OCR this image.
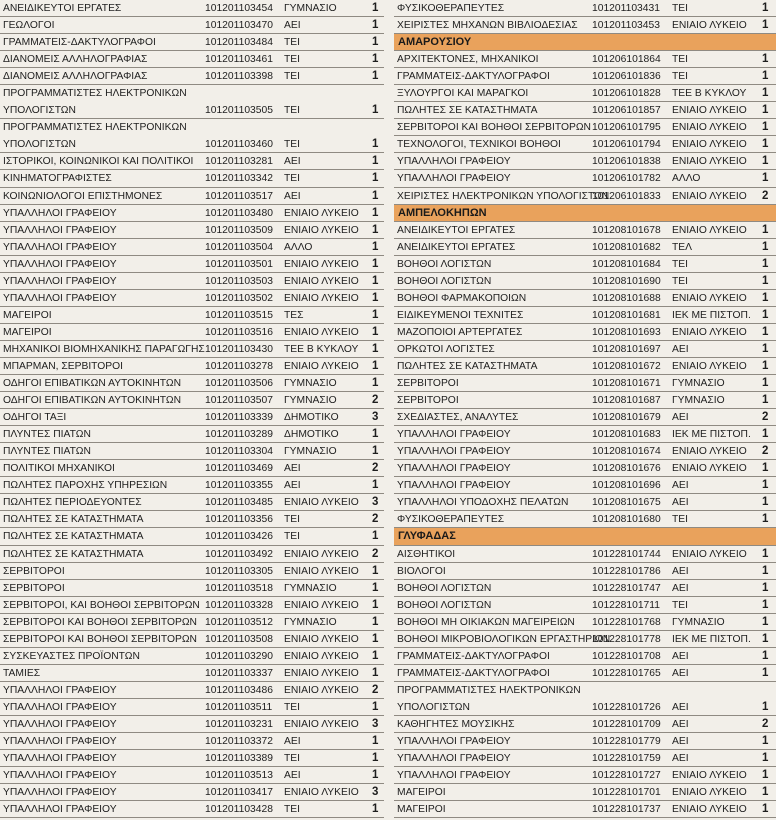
ΑΝΕΙΔΙΚΕΥΤΟΙ ΕΡΓΑΤΕΣ	101201103454 ΓΥΜΝΑΣΙΟ	1
ΓΕΩΛΟΓΟΙ	101201103470 ΑΕΙ	1
ΓΡΑΜΜΑΤΕΙΣ-ΔΑΚΤΥΛΟΓΡΑΦΟΙ	101201103484 ΤΕΙ	1
ΔΙΑΝΟΜΕΙΣ ΑΛΛΗΛΟΓΡΑΦΙΑΣ	101201103461 ΤΕΙ	1
ΔΙΑΝΟΜΕΙΣ ΑΛΛΗΛΟΓΡΑΦΙΑΣ	101201103398 ΤΕΙ	1
ΠΡΟΓΡΑΜΜΑΤΙΣΤΕΣ ΗΛΕΚΤΡΟΝΙΚΩΝ
ΥΠΟΛΟΓΙΣΤΩΝ	101201103505 ΤΕΙ	1
ΠΡΟΓΡΑΜΜΑΤΙΣΤΕΣ ΗΛΕΚΤΡΟΝΙΚΩΝ
ΥΠΟΛΟΓΙΣΤΩΝ	101201103460 ΤΕΙ	1
ΙΣΤΟΡΙΚΟΙ, ΚΟΙΝΩΝΙΚΟΙ ΚΑΙ ΠΟΛΙΤΙΚΟΙ 101201103281 ΑΕΙ	1
ΚΙΝΗΜΑΤΟΓΡΑΦΙΣΤΕΣ	101201103342 ΤΕΙ	1
ΚΟΙΝΩΝΙΟΛΟΓΟΙ ΕΠΙΣΤΗΜΟΝΕΣ	101201103517 ΑΕΙ	1
ΥΠΑΛΛΗΛΟΙ ΓΡΑΦΕΙΟΥ	101201103480 ΕΝΙΑΙΟ ΛΥΚΕΙΟ 1
ΥΠΑΛΛΗΛΟΙ ΓΡΑΦΕΙΟΥ	101201103509 ΕΝΙΑΙΟ ΛΥΚΕΙΟ 1
ΥΠΑΛΛΗΛΟΙ ΓΡΑΦΕΙΟΥ	101201103504 ΑΛΛΟ	1
ΥΠΑΛΛΗΛΟΙ ΓΡΑΦΕΙΟΥ	101201103501 ΕΝΙΑΙΟ ΛΥΚΕΙΟ 1
ΥΠΑΛΛΗΛΟΙ ΓΡΑΦΕΙΟΥ	101201103503 ΕΝΙΑΙΟ ΛΥΚΕΙΟ 1
ΥΠΑΛΛΗΛΟΙ ΓΡΑΦΕΙΟΥ	101201103502 ΕΝΙΑΙΟ ΛΥΚΕΙΟ 1
ΜΑΓΕΙΡΟΙ	101201103515 ΤΕΣ	1
ΜΑΓΕΙΡΟΙ	101201103516 ΕΝΙΑΙΟ ΛΥΚΕΙΟ 1
ΜΗΧΑΝΙΚΟΙ ΒΙΟΜΗΧΑΝΙΚΗΣ ΠΑΡΑΓΩΓΗΣ 101201103430 ΤΕΕ Β ΚΥΚΛΟΥ 1
ΜΠΑΡΜΑΝ, ΣΕΡΒΙΤΟΡΟΙ	101201103278 ΕΝΙΑΙΟ ΛΥΚΕΙΟ 1
ΟΔΗΓΟΙ ΕΠΙΒΑΤΙΚΩΝ ΑΥΤΟΚΙΝΗΤΩΝ 101201103506 ΓΥΜΝΑΣΙΟ	1
ΟΔΗΓΟΙ ΕΠΙΒΑΤΙΚΩΝ ΑΥΤΟΚΙΝΗΤΩΝ 101201103507 ΓΥΜΝΑΣΙΟ	2
ΟΔΗΓΟΙ ΤΑΞΙ	101201103339 ΔΗΜΟΤΙΚΟ	3
ΠΛΥΝΤΕΣ ΠΙΑΤΩΝ	101201103289 ΔΗΜΟΤΙΚΟ	1
ΠΛΥΝΤΕΣ ΠΙΑΤΩΝ	101201103304 ΓΥΜΝΑΣΙΟ	1
ΠΟΛΙΤΙΚΟΙ ΜΗΧΑΝΙΚΟΙ	101201103469 ΑΕΙ	2
ΠΩΛΗΤΕΣ ΠΑΡΟΧΗΣ ΥΠΗΡΕΣΙΩΝ	101201103355 ΑΕΙ	1
ΠΩΛΗΤΕΣ ΠΕΡΙΟΔΕΥΟΝΤΕΣ	101201103485 ΕΝΙΑΙΟ ΛΥΚΕΙΟ 3
ΠΩΛΗΤΕΣ ΣΕ ΚΑΤΑΣΤΗΜΑΤΑ	101201103356 ΤΕΙ	2
ΠΩΛΗΤΕΣ ΣΕ ΚΑΤΑΣΤΗΜΑΤΑ	101201103426 ΤΕΙ	1
ΠΩΛΗΤΕΣ ΣΕ ΚΑΤΑΣΤΗΜΑΤΑ	101201103492 ΕΝΙΑΙΟ ΛΥΚΕΙΟ 2
ΣΕΡΒΙΤΟΡΟΙ	101201103305 ΕΝΙΑΙΟ ΛΥΚΕΙΟ 1
ΣΕΡΒΙΤΟΡΟΙ	101201103518 ΓΥΜΝΑΣΙΟ	1
ΣΕΡΒΙΤΟΡΟΙ, ΚΑΙ ΒΟΗΘΟΙ ΣΕΡΒΙΤΟΡΩΝ 101201103328 ΕΝΙΑΙΟ ΛΥΚΕΙΟ 1
ΣΕΡΒΙΤΟΡΟΙ ΚΑΙ ΒΟΗΘΟΙ ΣΕΡΒΙΤΟΡΩΝ 101201103512 ΓΥΜΝΑΣΙΟ	1
ΣΕΡΒΙΤΟΡΟΙ ΚΑΙ ΒΟΗΘΟΙ ΣΕΡΒΙΤΟΡΩΝ 101201103508 ΕΝΙΑΙΟ ΛΥΚΕΙΟ 1
ΣΥΣΚΕΥΑΣΤΕΣ ΠΡΟΪΟΝΤΩΝ	101201103290 ΕΝΙΑΙΟ ΛΥΚΕΙΟ 1
ΤΑΜΙΕΣ	101201103337 ΕΝΙΑΙΟ ΛΥΚΕΙΟ 1
ΥΠΑΛΛΗΛΟΙ ΓΡΑΦΕΙΟΥ	101201103486 ΕΝΙΑΙΟ ΛΥΚΕΙΟ 2
ΥΠΑΛΛΗΛΟΙ ΓΡΑΦΕΙΟΥ	101201103511 ΤΕΙ	1
ΥΠΑΛΛΗΛΟΙ ΓΡΑΦΕΙΟΥ	101201103231 ΕΝΙΑΙΟ ΛΥΚΕΙΟ 3
ΥΠΑΛΛΗΛΟΙ ΓΡΑΦΕΙΟΥ	101201103372 ΑΕΙ	1
ΥΠΑΛΛΗΛΟΙ ΓΡΑΦΕΙΟΥ	101201103389 ΤΕΙ	1
ΥΠΑΛΛΗΛΟΙ ΓΡΑΦΕΙΟΥ	101201103513 ΑΕΙ	1
ΥΠΑΛΛΗΛΟΙ ΓΡΑΦΕΙΟΥ	101201103417 ΕΝΙΑΙΟ ΛΥΚΕΙΟ 3
ΥΠΑΛΛΗΛΟΙ ΓΡΑΦΕΙΟΥ	101201103428 ΤΕΙ	1
ΦΥΣΙΚΟΘΕΡΑΠΕΥΤΕΣ	101201103431 ΤΕΙ	1
ΧΕΙΡΙΣΤΕΣ ΜΗΧΑΝΩΝ ΒΙΒΛΙΟΔΕΣΙΑΣ 101201103453 ΕΝΙΑΙΟ ΛΥΚΕΙΟ 1
ΑΜΑΡΟΥΣΙΟΥ
ΑΡΧΙΤΕΚΤΟΝΕΣ, ΜΗΧΑΝΙΚΟΙ	101206101864 ΤΕΙ	1
ΓΡΑΜΜΑΤΕΙΣ-ΔΑΚΤΥΛΟΓΡΑΦΟΙ	101206101836 ΤΕΙ	1
ΞΥΛΟΥΡΓΟΙ ΚΑΙ ΜΑΡΑΓΚΟΙ	101206101828 ΤΕΕ Β ΚΥΚΛΟΥ 1
ΠΩΛΗΤΕΣ ΣΕ ΚΑΤΑΣΤΗΜΑΤΑ	101206101857 ΕΝΙΑΙΟ ΛΥΚΕΙΟ 1
ΣΕΡΒΙΤΟΡΟΙ ΚΑΙ ΒΟΗΘΟΙ ΣΕΡΒΙΤΟΡΩΝ 101206101795 ΕΝΙΑΙΟ ΛΥΚΕΙΟ 1
ΤΕΧΝΟΛΟΓΟΙ, ΤΕΧΝΙΚΟΙ ΒΟΗΘΟΙ	101206101794 ΕΝΙΑΙΟ ΛΥΚΕΙΟ 1
ΥΠΑΛΛΗΛΟΙ ΓΡΑΦΕΙΟΥ	101206101838 ΕΝΙΑΙΟ ΛΥΚΕΙΟ 1
ΥΠΑΛΛΗΛΟΙ ΓΡΑΦΕΙΟΥ	101206101782 ΑΛΛΟ	1
ΧΕΙΡΙΣΤΕΣ ΗΛΕΚΤΡΟΝΙΚΩΝ ΥΠΟΛΟΓΙΣΤΩΝ
101206101833 ΕΝΙΑΙΟ ΛΥΚΕΙΟ 2
ΑΜΠΕΛΟΚΗΠΩΝ
ΑΝΕΙΔΙΚΕΥΤΟΙ ΕΡΓΑΤΕΣ	101208101678 ΕΝΙΑΙΟ ΛΥΚΕΙΟ 1
ΑΝΕΙΔΙΚΕΥΤΟΙ ΕΡΓΑΤΕΣ	101208101682 ΤΕΛ	1
ΒΟΗΘΟΙ ΛΟΓΙΣΤΩΝ	101208101684 ΤΕΙ	1
ΒΟΗΘΟΙ ΛΟΓΙΣΤΩΝ	101208101690 ΤΕΙ	1
ΒΟΗΘΟΙ ΦΑΡΜΑΚΟΠΟΙΩΝ	101208101688 ΕΝΙΑΙΟ ΛΥΚΕΙΟ 1
ΕΙΔΙΚΕΥΜΕΝΟΙ ΤΕΧΝΙΤΕΣ	101208101681 ΙΕΚ ΜΕ ΠΙΣΤΟΠ. 1
ΜΑΖΟΠΟΙΟΙ ΑΡΤΕΡΓΑΤΕΣ	101208101693 ΕΝΙΑΙΟ ΛΥΚΕΙΟ 1
ΟΡΚΩΤΟΙ ΛΟΓΙΣΤΕΣ	101208101697 ΑΕΙ	1
ΠΩΛΗΤΕΣ ΣΕ ΚΑΤΑΣΤΗΜΑΤΑ	101208101672 ΕΝΙΑΙΟ ΛΥΚΕΙΟ 1
ΣΕΡΒΙΤΟΡΟΙ	101208101671 ΓΥΜΝΑΣΙΟ	1
ΣΕΡΒΙΤΟΡΟΙ	101208101687 ΓΥΜΝΑΣΙΟ	1
ΣΧΕΔΙΑΣΤΕΣ, ΑΝΑΛΥΤΕΣ	101208101679 ΑΕΙ	2
ΥΠΑΛΛΗΛΟΙ ΓΡΑΦΕΙΟΥ	101208101683 ΙΕΚ ΜΕ ΠΙΣΤΟΠ. 1
ΥΠΑΛΛΗΛΟΙ ΓΡΑΦΕΙΟΥ	101208101674 ΕΝΙΑΙΟ ΛΥΚΕΙΟ 2
ΥΠΑΛΛΗΛΟΙ ΓΡΑΦΕΙΟΥ	101208101676 ΕΝΙΑΙΟ ΛΥΚΕΙΟ 1
ΥΠΑΛΛΗΛΟΙ ΓΡΑΦΕΙΟΥ	101208101696 ΑΕΙ	1
ΥΠΑΛΛΗΛΟΙ ΥΠΟΔΟΧΗΣ ΠΕΛΑΤΩΝ 101208101675 ΑΕΙ	1
ΦΥΣΙΚΟΘΕΡΑΠΕΥΤΕΣ	101208101680 ΤΕΙ	1
ΓΛΥΦΑΔΑΣ
ΑΙΣΘΗΤΙΚΟΙ	101228101744 ΕΝΙΑΙΟ ΛΥΚΕΙΟ 1
ΒΙΟΛΟΓΟΙ	101228101786 ΑΕΙ	1
ΒΟΗΘΟΙ ΛΟΓΙΣΤΩΝ	101228101747 ΑΕΙ	1
ΒΟΗΘΟΙ ΛΟΓΙΣΤΩΝ	101228101711 ΤΕΙ	1
ΒΟΗΘΟΙ ΜΗ ΟΙΚΙΑΚΩΝ ΜΑΓΕΙΡΕΙΩΝ 101228101768 ΓΥΜΝΑΣΙΟ	1
ΒΟΗΘΟΙ ΜΙΚΡΟΒΙΟΛΟΓΙΚΩΝ ΕΡΓΑΣΤΗΡΙΩΝ
101228101778 ΙΕΚ ΜΕ ΠΙΣΤΟΠ. 1
ΓΡΑΜΜΑΤΕΙΣ-ΔΑΚΤΥΛΟΓΡΑΦΟΙ	101228101708 ΑΕΙ	1
ΓΡΑΜΜΑΤΕΙΣ-ΔΑΚΤΥΛΟΓΡΑΦΟΙ	101228101765 ΑΕΙ	1
ΠΡΟΓΡΑΜΜΑΤΙΣΤΕΣ ΗΛΕΚΤΡΟΝΙΚΩΝ
ΥΠΟΛΟΓΙΣΤΩΝ	101228101726 ΑΕΙ	1
ΚΑΘΗΓΗΤΕΣ ΜΟΥΣΙΚΗΣ	101228101709 ΑΕΙ	2
ΥΠΑΛΛΗΛΟΙ ΓΡΑΦΕΙΟΥ	101228101779 ΑΕΙ	1
ΥΠΑΛΛΗΛΟΙ ΓΡΑΦΕΙΟΥ	101228101759 ΑΕΙ	1
ΥΠΑΛΛΗΛΟΙ ΓΡΑΦΕΙΟΥ	101228101727 ΕΝΙΑΙΟ ΛΥΚΕΙΟ 1
ΜΑΓΕΙΡΟΙ	101228101701 ΕΝΙΑΙΟ ΛΥΚΕΙΟ 1
ΜΑΓΕΙΡΟΙ	101228101737 ΕΝΙΑΙΟ ΛΥΚΕΙΟ 1
